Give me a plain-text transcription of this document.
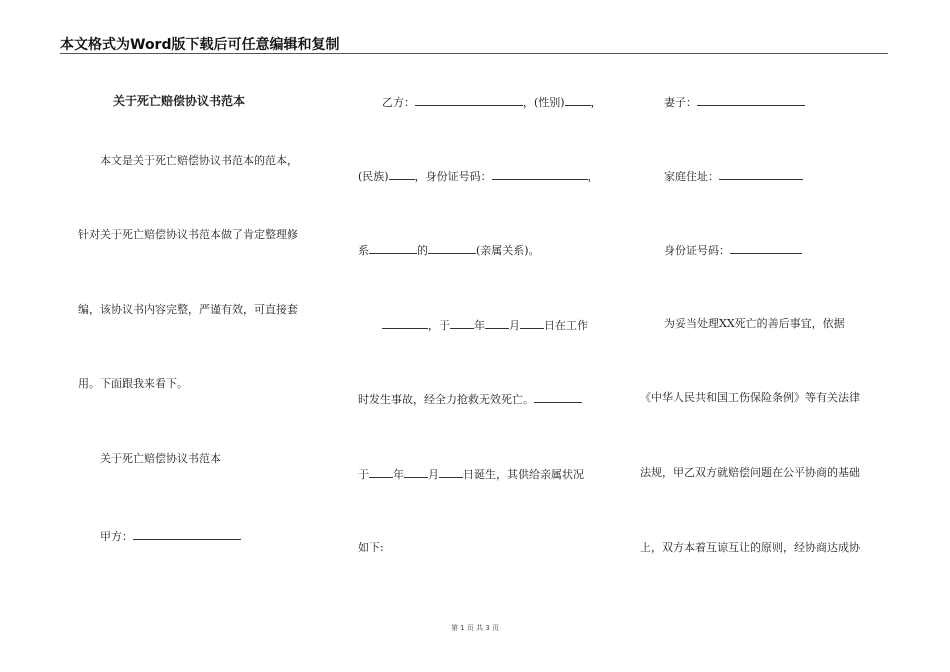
本文格式为Word版下载后可任意编辑和复制
关于死亡赔偿协议书范本
本文是关于死亡赔偿协议书范本的范本，
针对关于死亡赔偿协议书范本做了肯定整理修
编，该协议书内容完整，严谨有效，可直接套
用。下面跟我来看下。
关于死亡赔偿协议书范本
甲方：
乙方：	，(性别) ，
(民族) ，身份证号码：	，
系	的	(亲属关系)。
，于 年 月 日在工作
时发生事故，经全力抢救无效死亡。
于 年 月 日诞生，其供给亲属状况
如下:
妻子：
家庭住址：
身份证号码：
为妥当处理XX死亡的善后事宜，依据
《中华人民共和国工伤保险条例》等有关法律
法规，甲乙双方就赔偿问题在公平协商的基础
上，双方本着互谅互让的原则，经协商达成协
第 1 页 共 3 页
